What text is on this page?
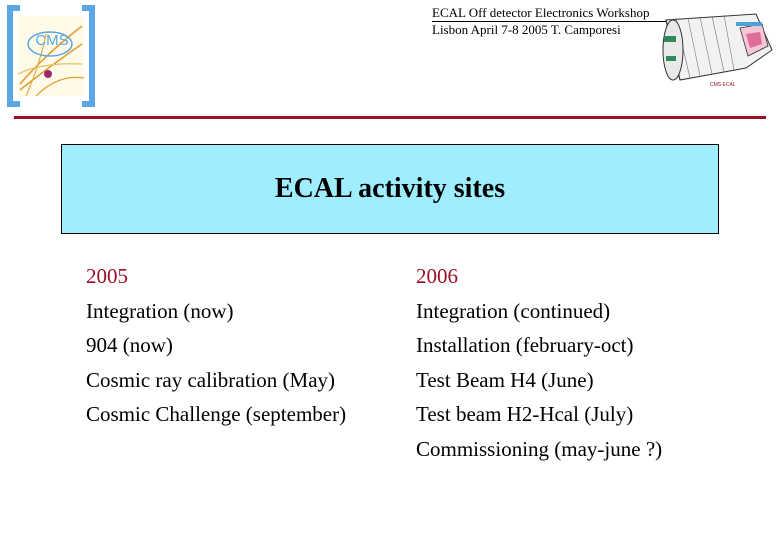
CMS
ECAL Off detector Electronics Workshop
Lisbon April 7-8 2005 T. Camporesi
CMS ECAL
ECAL activity sites
2005
Integration (now)
904 (now)
Cosmic ray calibration (May)
Cosmic Challenge (september)
2006
Integration (continued)
Installation (february-oct)
Test Beam H4 (June)
Test beam H2-Hcal (July)
Commissioning (may-june ?)
